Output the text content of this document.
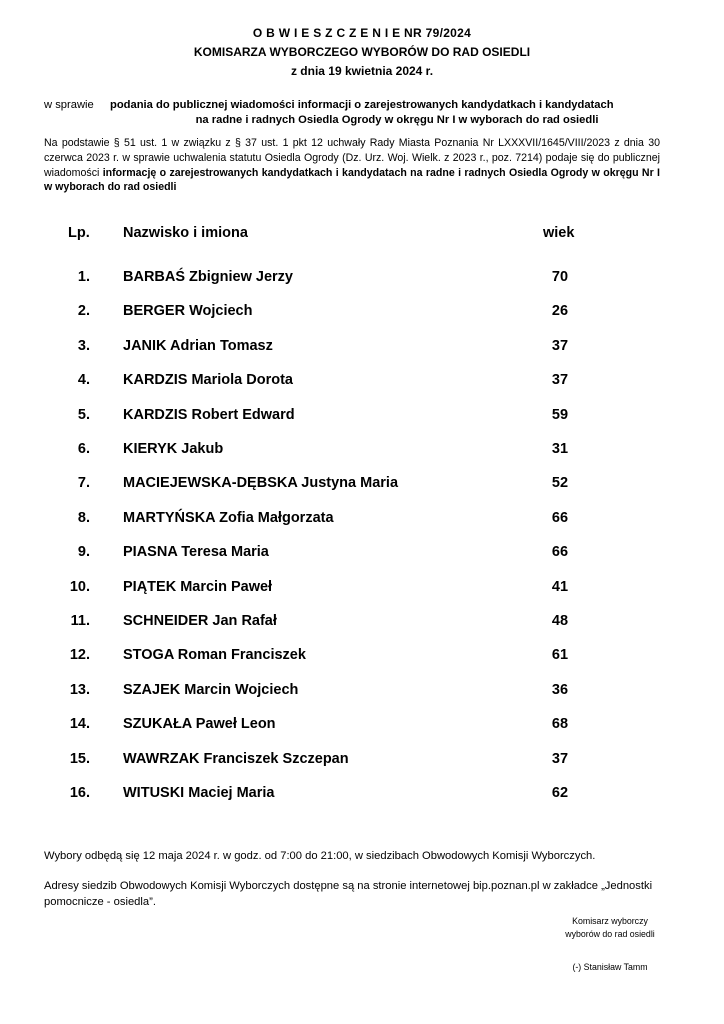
O B W I E S Z C Z E N I E NR 79/2024
KOMISARZA WYBORCZEGO WYBORÓW DO RAD OSIEDLI
z dnia 19 kwietnia 2024 r.
w sprawie podania do publicznej wiadomości informacji o zarejestrowanych kandydatkach i kandydatach
na radne i radnych Osiedla Ogrody w okręgu Nr I w wyborach do rad osiedli
Na podstawie § 51 ust. 1 w związku z § 37 ust. 1 pkt 12 uchwały Rady Miasta Poznania Nr LXXXVII/1645/VIII/2023 z dnia 30 czerwca 2023 r. w sprawie uchwalenia statutu Osiedla Ogrody (Dz. Urz. Woj. Wielk. z 2023 r., poz. 7214) podaje się do publicznej wiadomości informację o zarejestrowanych kandydatkach i kandydatach na radne i radnych Osiedla Ogrody w okręgu Nr I w wyborach do rad osiedli
Lp. Nazwisko i imiona	wiek
1. BARBAŚ Zbigniew Jerzy	70
2. BERGER Wojciech	26
3. JANIK Adrian Tomasz	37
4. KARDZIS Mariola Dorota	37
5. KARDZIS Robert Edward	59
6. KIERYK Jakub	31
7. MACIEJEWSKA-DĘBSKA Justyna Maria	52
8. MARTYŃSKA Zofia Małgorzata	66
9. PIASNA Teresa Maria	66
10. PIĄTEK Marcin Paweł	41
11. SCHNEIDER Jan Rafał	48
12. STOGA Roman Franciszek	61
13. SZAJEK Marcin Wojciech	36
14. SZUKAŁA Paweł Leon	68
15. WAWRZAK Franciszek Szczepan	37
16. WITUSKI Maciej Maria	62
Wybory odbędą się 12 maja 2024 r. w godz. od 7:00 do 21:00, w siedzibach Obwodowych Komisji Wyborczych.
Adresy siedzib Obwodowych Komisji Wyborczych dostępne są na stronie internetowej bip.poznan.pl w zakładce „Jednostki pomocnicze - osiedla”.
Komisarz wyborczy
wyborów do rad osiedli
(-) Stanisław Tamm
